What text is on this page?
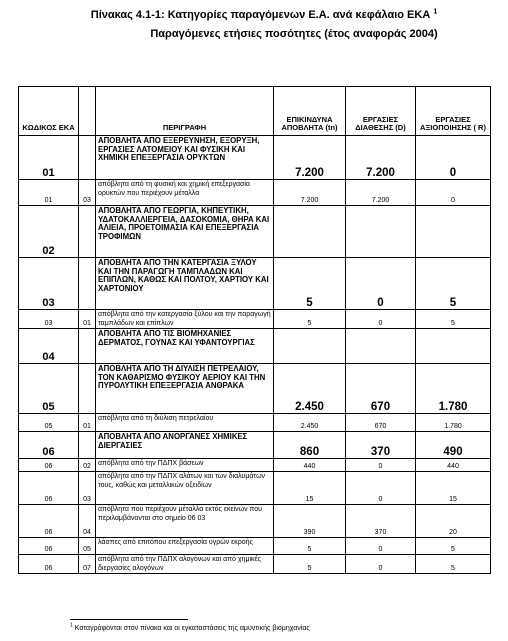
Πίνακας 4.1-1: Κατηγορίες παραγόμενων Ε.Α. ανά κεφάλαιο ΕΚΑ $^1$
Παραγόμενες ετήσιες ποσότητες (έτος αναφοράς 2004)
ΚΩΔΙΚΟΣ ΕΚΑ		ΠΕΡΙΓΡΑΦΗ	ΕΠΙΚΙΝΔΥΝΑ ΑΠΟΒΛΗΤΑ (tn)	ΕΡΓΑΣΙΕΣ ΔΙΑΘΕΣΗΣ (D)	ΕΡΓΑΣΙΕΣ ΑΞΙΟΠΟΙΗΣΗΣ ( R)
01		ΑΠΟΒΛΗΤΑ ΑΠΟ ΕΞΕΡΕΥΝΗΣΗ, ΕΞΟΡΥΞΗ, ΕΡΓΑΣΙΕΣ ΛΑΤΟΜΕΙΟΥ ΚΑΙ ΦΥΣΙΚΗ ΚΑΙ ΧΗΜΙΚΗ ΕΠΕΞΕΡΓΑΣΙΑ ΟΡΥΚΤΩΝ	7.200	7.200	0
01	03	απόβλητα από τη φυσική και χημική επεξεργασία ορυκτών που περιέχουν μέταλλα	7.200	7.200	0
02		ΑΠΟΒΛΗΤΑ ΑΠΟ ΓΕΩΡΓΙΑ, ΚΗΠΕΥΤΙΚΗ, ΥΔΑΤΟΚΑΛΛΙΕΡΓΕΙΑ, ΔΑΣΟΚΟΜΙΑ, ΘΗΡΑ ΚΑΙ ΑΛΙΕΙΑ, ΠΡΟΕΤΟΙΜΑΣΙΑ ΚΑΙ ΕΠΕΞΕΡΓΑΣΙΑ ΤΡΟΦΙΜΩΝ			
03		ΑΠΟΒΛΗΤΑ ΑΠΟ ΤΗΝ ΚΑΤΕΡΓΑΣΙΑ ΞΥΛΟΥ ΚΑΙ ΤΗΝ ΠΑΡΑΓΩΓΗ ΤΑΜΠΛΑΔΩΝ ΚΑΙ ΕΠΙΠΛΩΝ, ΚΑΘΩΣ ΚΑΙ ΠΟΛΤΟΥ, ΧΑΡΤΙΟΥ ΚΑΙ ΧΑΡΤΟΝΙΟΥ	5	0	5
03	01	απόβλητα από την κατεργασία ξύλου και την παραγωγή ταμπλάδων και επίπλων	5	0	5
04		ΑΠΟΒΛΗΤΑ ΑΠΟ ΤΙΣ ΒΙΟΜΗΧΑΝΙΕΣ ΔΕΡΜΑΤΟΣ, ΓΟΥΝΑΣ ΚΑΙ ΥΦΑΝΤΟΥΡΓΙΑΣ			
05		ΑΠΟΒΛΗΤΑ ΑΠΟ ΤΗ ΔΙΥΛΙΣΗ ΠΕΤΡΕΛΑΙΟΥ, ΤΟΝ ΚΑΘΑΡΙΣΜΟ ΦΥΣΙΚΟΥ ΑΕΡΙΟΥ ΚΑΙ ΤΗΝ ΠΥΡΟΛΥΤΙΚΗ ΕΠΕΞΕΡΓΑΣΙΑ ΑΝΘΡΑΚΑ	2.450	670	1.780
05	01	απόβλητα από τη διύλιση πετρελαίου	2.450	670	1.780
06		ΑΠΟΒΛΗΤΑ ΑΠΟ ΑΝΟΡΓΑΝΕΣ ΧΗΜΙΚΕΣ ΔΙΕΡΓΑΣΙΕΣ	860	370	490
06	02	απόβλητα από την ΠΔΠΧ βάσεων	440	0	440
06	03	απόβλητα από την ΠΔΠΧ αλάτων και των διαλυμάτων τους, καθώς και μεταλλικών οξειδίων	15	0	15
06	04	απόβλητα που περιέχουν μέταλλα εκτός εκείνων που περιλαμβάνονται στο σημείο 06 03	390	370	20
06	05	λάσπες από επιτόπου επεξεργασία υγρών εκροής	5	0	5
06	07	απόβλητα από την ΠΔΠΧ αλογόνων και από χημικές διεργασίες αλογόνων	5	0	5
$^1$ Καταγράφονται στον πίνακα και οι εγκαταστάσεις της αμυντικής βιομηχανίας
